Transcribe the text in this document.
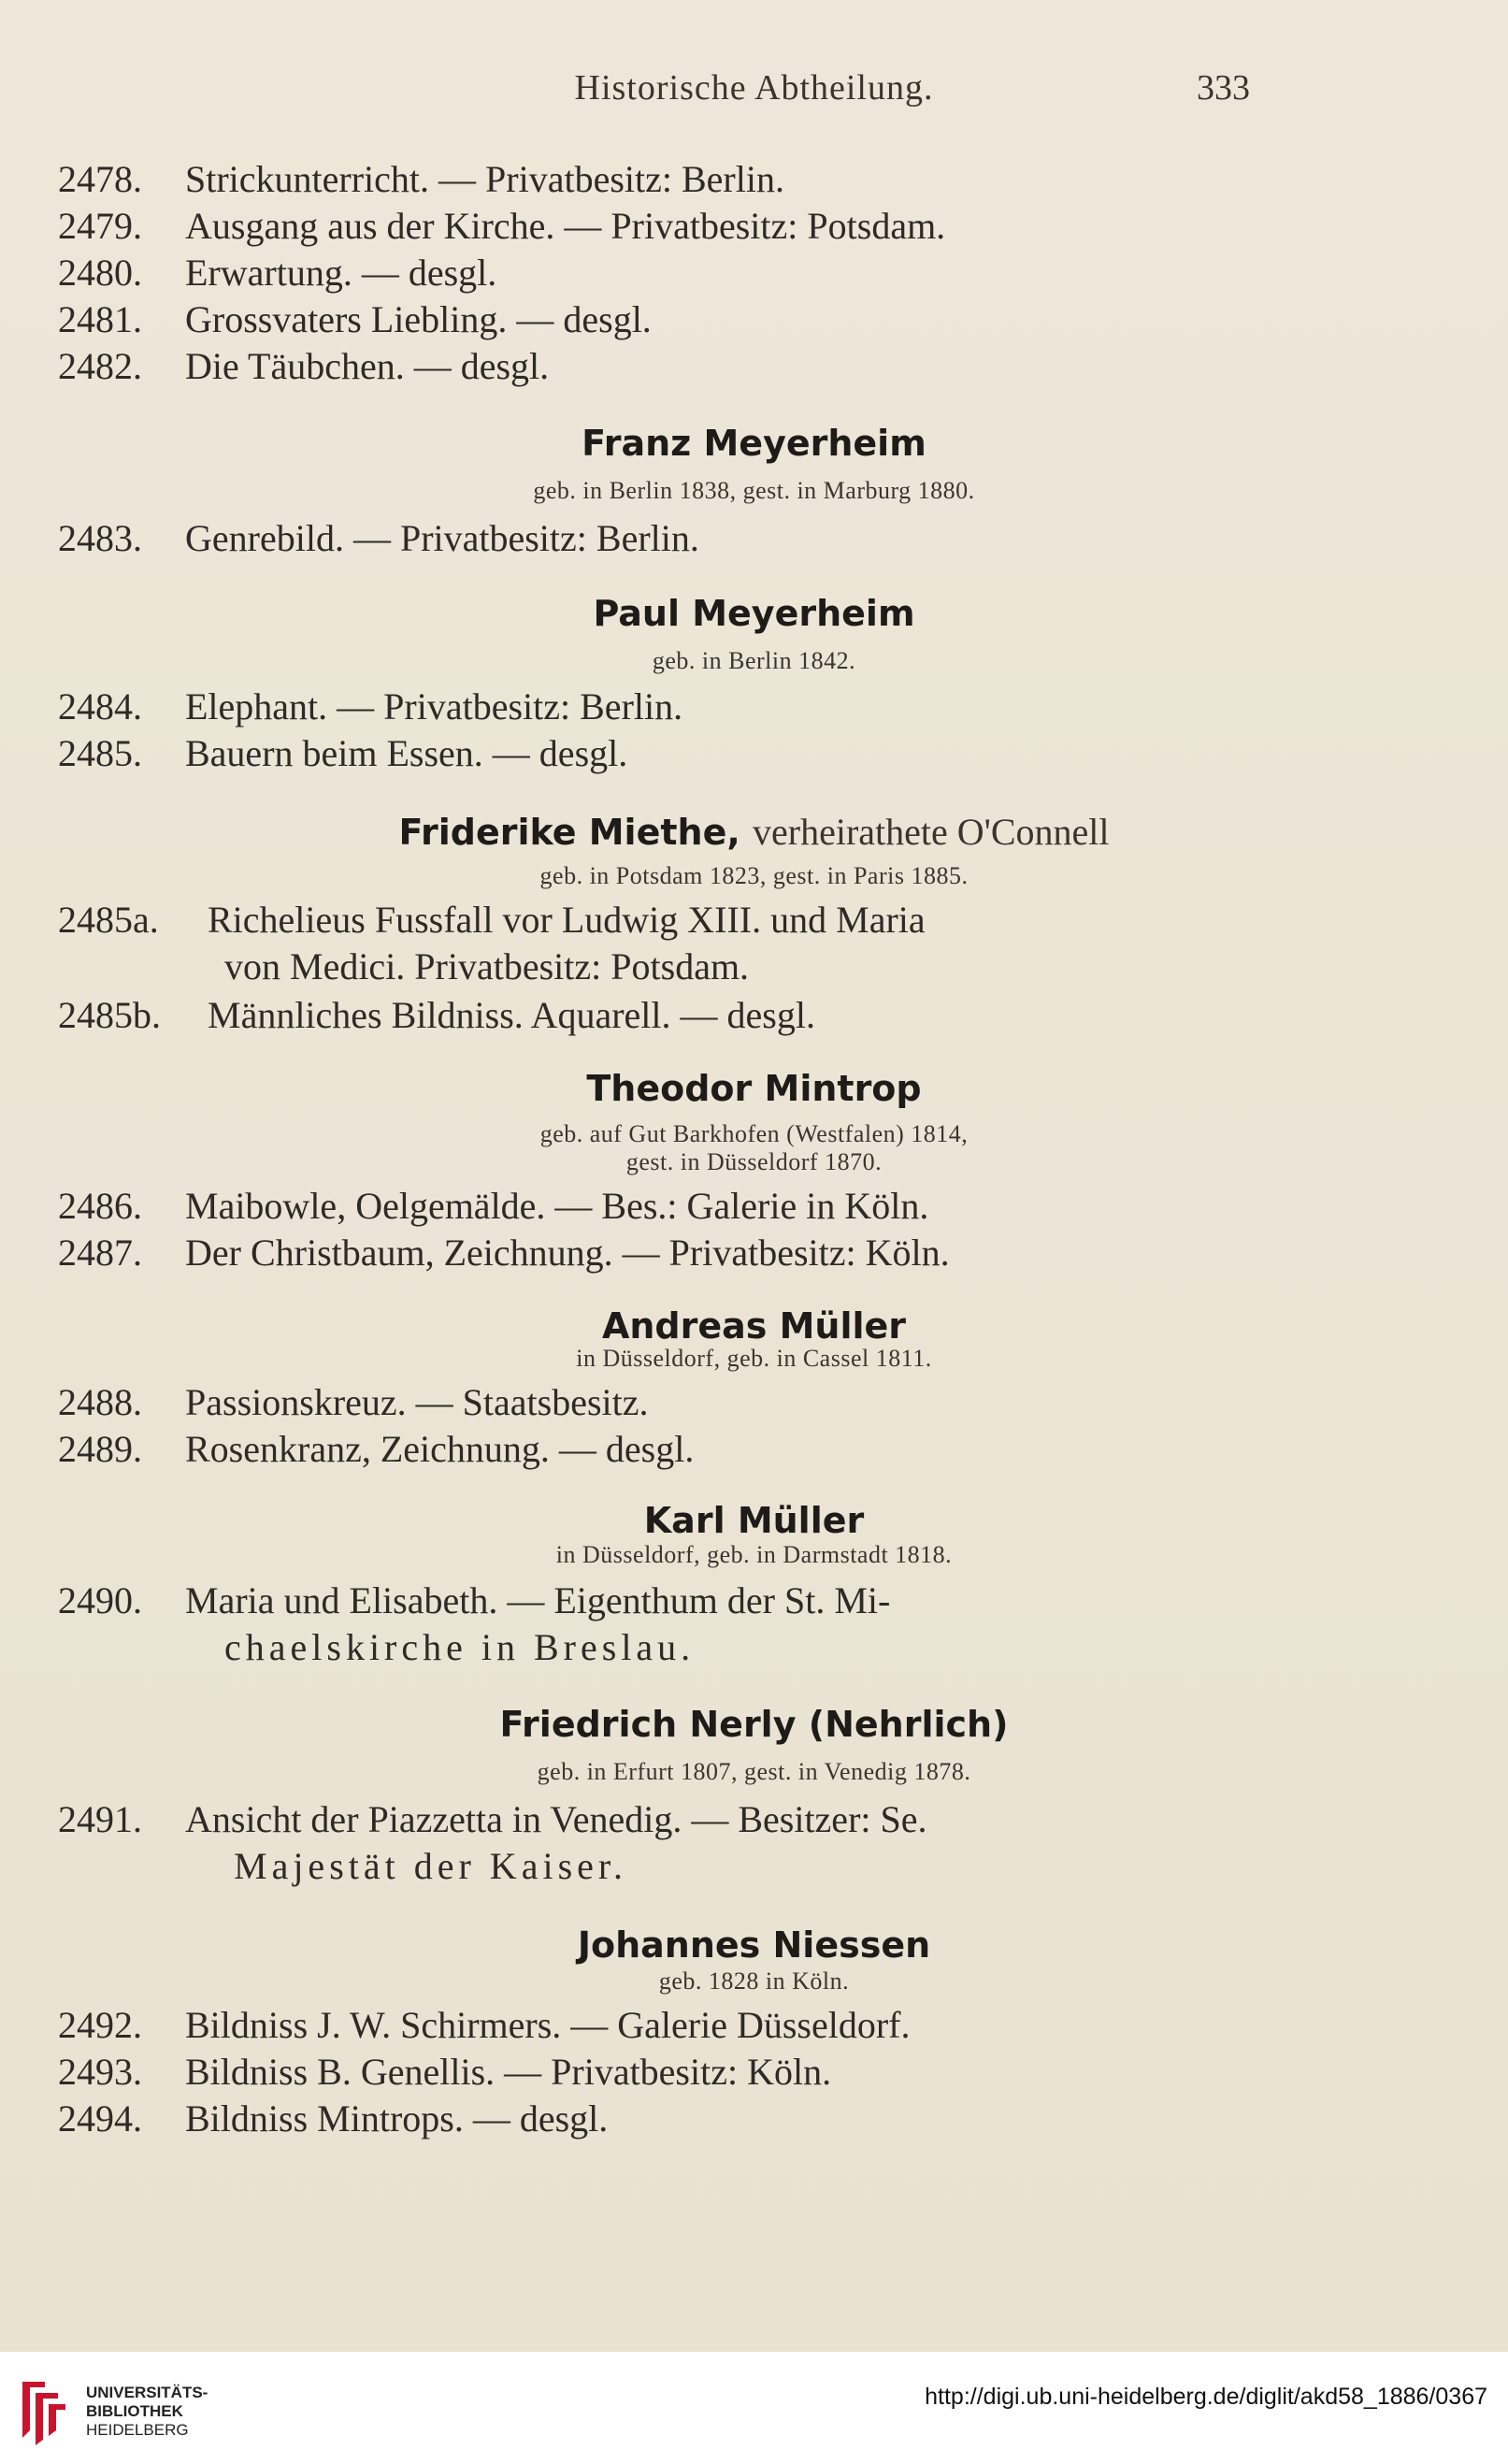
Historische Abtheilung.	333
2478. Strickunterricht. — Privatbesitz: Berlin.
2479. Ausgang aus der Kirche. — Privatbesitz: Potsdam.
2480. Erwartung. — desgl.
2481. Grossvaters Liebling. — desgl.
2482. Die Täubchen. — desgl.
Franz Meyerheim
geb. in Berlin 1838, gest. in Marburg 1880.
2483. Genrebild. — Privatbesitz: Berlin.
Paul Meyerheim
geb. in Berlin 1842.
2484. Elephant. — Privatbesitz: Berlin.
2485. Bauern beim Essen. — desgl.
Friderike Miethe, verheirathete O'Connell
geb. in Potsdam 1823, gest. in Paris 1885.
2485a. Richelieus Fussfall vor Ludwig XIII. und Maria
von Medici. Privatbesitz: Potsdam.
2485b. Männliches Bildniss. Aquarell. — desgl.
Theodor Mintrop
geb. auf Gut Barkhofen (Westfalen) 1814,
gest. in Düsseldorf 1870.
2486. Maibowle, Oelgemälde. — Bes.: Galerie in Köln.
2487. Der Christbaum, Zeichnung. — Privatbesitz: Köln.
Andreas Müller
in Düsseldorf, geb. in Cassel 1811.
2488. Passionskreuz. — Staatsbesitz.
2489. Rosenkranz, Zeichnung. — desgl.
Karl Müller
in Düsseldorf, geb. in Darmstadt 1818.
2490. Maria und Elisabeth. — Eigenthum der St. Mi-
chaelskirche in Breslau.
Friedrich Nerly (Nehrlich)
geb. in Erfurt 1807, gest. in Venedig 1878.
2491. Ansicht der Piazzetta in Venedig. — Besitzer: Se.
Majestät der Kaiser.
Johannes Niessen
geb. 1828 in Köln.
2492. Bildniss J. W. Schirmers. — Galerie Düsseldorf.
2493. Bildniss B. Genellis. — Privatbesitz: Köln.
2494. Bildniss Mintrops. — desgl.
UNIVERSITÄTS-
BIBLIOTHEK
HEIDELBERG
http://digi.ub.uni-heidelberg.de/diglit/akd58_1886/0367
